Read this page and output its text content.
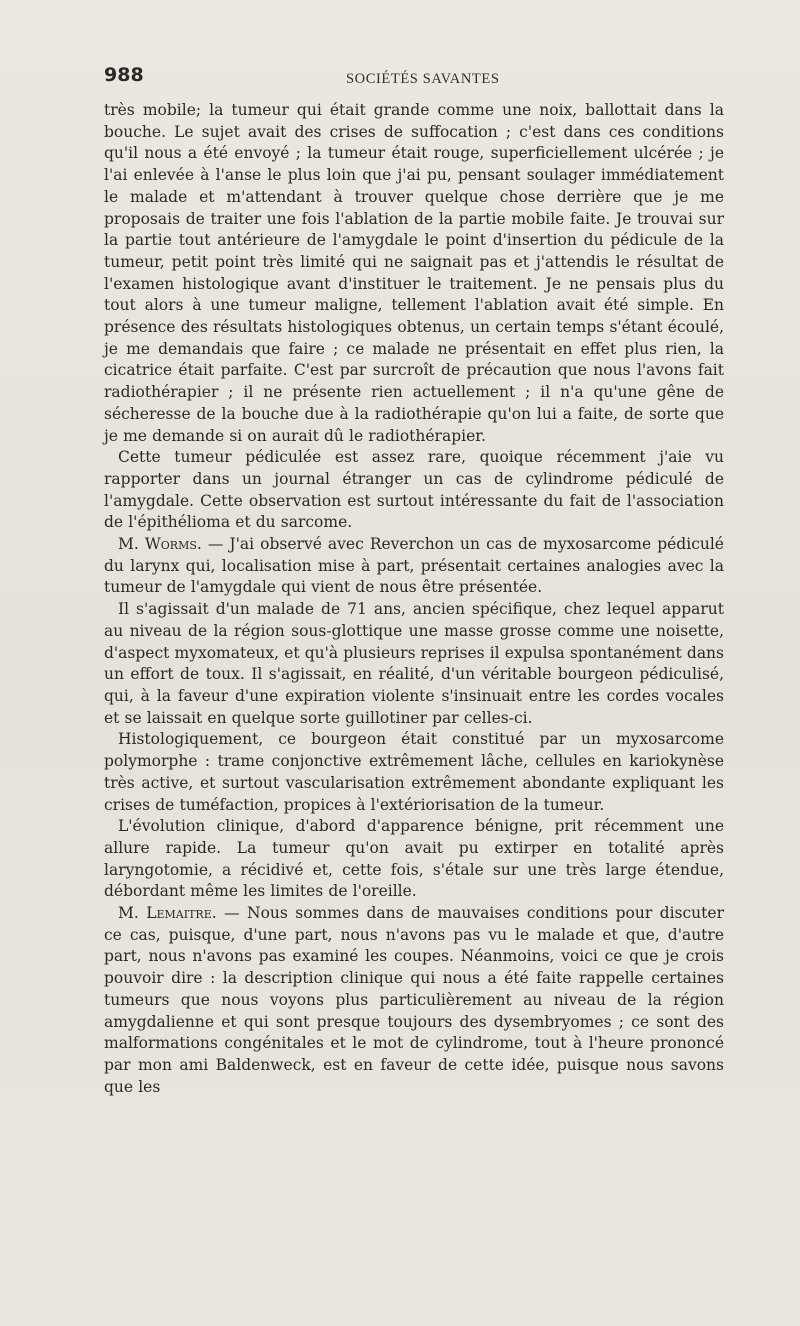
988	SOCIÉTÉS SAVANTES

très mobile; la tumeur qui était grande comme une noix, ballottait dans la bouche. Le sujet avait des crises de suffocation ; c'est dans ces conditions qu'il nous a été envoyé ; la tumeur était rouge, superficiellement ulcérée ; je l'ai enlevée à l'anse le plus loin que j'ai pu, pensant soulager immédiatement le malade et m'attendant à trouver quelque chose derrière que je me proposais de traiter une fois l'ablation de la partie mobile faite. Je trouvai sur la partie tout antérieure de l'amygdale le point d'insertion du pédicule de la tumeur, petit point très limité qui ne saignait pas et j'attendis le résultat de l'examen histologique avant d'instituer le traitement. Je ne pensais plus du tout alors à une tumeur maligne, tellement l'ablation avait été simple. En présence des résultats histologiques obtenus, un certain temps s'étant écoulé, je me demandais que faire ; ce malade ne présentait en effet plus rien, la cicatrice était parfaite. C'est par surcroît de précaution que nous l'avons fait radiothérapier ; il ne présente rien actuellement ; il n'a qu'une gêne de sécheresse de la bouche due à la radiothérapie qu'on lui a faite, de sorte que je me demande si on aurait dû le radiothérapier.

Cette tumeur pédiculée est assez rare, quoique récemment j'aie vu rapporter dans un journal étranger un cas de cylindrome pédiculé de l'amygdale. Cette observation est surtout intéressante du fait de l'association de l'épithélioma et du sarcome.

M. Worms. — J'ai observé avec Reverchon un cas de myxosarcome pédiculé du larynx qui, localisation mise à part, présentait certaines analogies avec la tumeur de l'amygdale qui vient de nous être présentée.

Il s'agissait d'un malade de 71 ans, ancien spécifique, chez lequel apparut au niveau de la région sous-glottique une masse grosse comme une noisette, d'aspect myxomateux, et qu'à plusieurs reprises il expulsa spontanément dans un effort de toux. Il s'agissait, en réalité, d'un véritable bourgeon pédiculisé, qui, à la faveur d'une expiration violente s'insinuait entre les cordes vocales et se laissait en quelque sorte guillotiner par celles-ci.

Histologiquement, ce bourgeon était constitué par un myxosarcome polymorphe : trame conjonctive extrêmement lâche, cellules en kariokynèse très active, et surtout vascularisation extrêmement abondante expliquant les crises de tuméfaction, propices à l'extériorisation de la tumeur.

L'évolution clinique, d'abord d'apparence bénigne, prit récemment une allure rapide. La tumeur qu'on avait pu extirper en totalité après laryngotomie, a récidivé et, cette fois, s'étale sur une très large étendue, débordant même les limites de l'oreille.

M. Lemaitre. — Nous sommes dans de mauvaises conditions pour discuter ce cas, puisque, d'une part, nous n'avons pas vu le malade et que, d'autre part, nous n'avons pas examiné les coupes. Néanmoins, voici ce que je crois pouvoir dire : la description clinique qui nous a été faite rappelle certaines tumeurs que nous voyons plus particulièrement au niveau de la région amygdalienne et qui sont presque toujours des dysembryomes ; ce sont des malformations congénitales et le mot de cylindrome, tout à l'heure prononcé par mon ami Baldenweck, est en faveur de cette idée, puisque nous savons que les
